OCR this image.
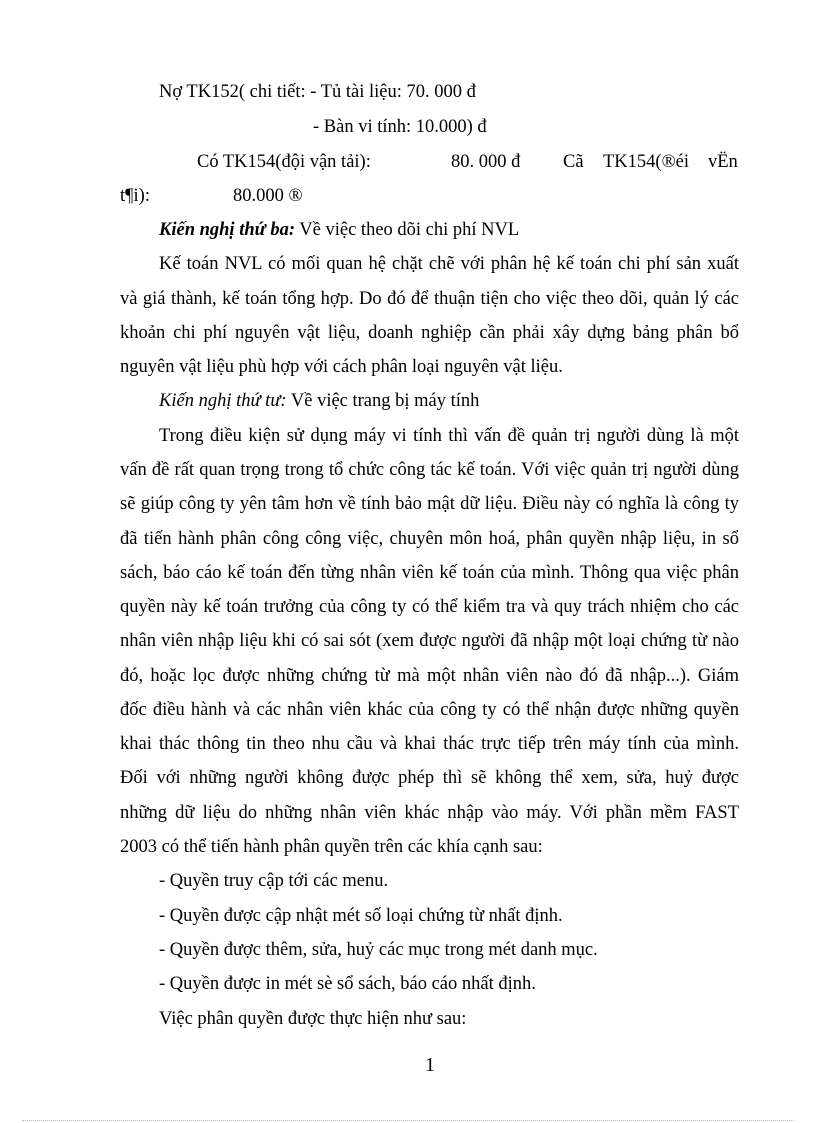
Nợ TK152( chi tiết: - Tủ tài liệu: 70. 000 đ
- Bàn vi tính: 10.000) đ
Có TK154(đội vận tải):	80. 000 đ Cã TK154(®éi vËn
t¶i):	80.000 ®
Kiến nghị thứ ba: Về việc theo dõi chi phí NVL
Kế toán NVL có mối quan hệ chặt chẽ với phân hệ kế toán chi phí sản xuất
và giá thành, kế toán tổng hợp. Do đó để thuận tiện cho việc theo dõi, quản lý các
khoản chi phí nguyên vật liệu, doanh nghiệp cần phải xây dựng bảng phân bổ
nguyên vật liệu phù hợp với cách phân loại nguyên vật liệu.
Kiến nghị thứ tư: Về việc trang bị máy tính
Trong điều kiện sử dụng máy vi tính thì vấn đề quản trị người dùng là một
vấn đề rất quan trọng trong tổ chức công tác kế toán. Với việc quản trị người dùng
sẽ giúp công ty yên tâm hơn về tính bảo mật dữ liệu. Điều này có nghĩa là công ty
đã tiến hành phân công công việc, chuyên môn hoá, phân quyền nhập liệu, in sổ
sách, báo cáo kế toán đến từng nhân viên kế toán của mình. Thông qua việc phân
quyền này kế toán trưởng của công ty có thể kiểm tra và quy trách nhiệm cho các
nhân viên nhập liệu khi có sai sót (xem được người đã nhập một loại chứng từ nào
đó, hoặc lọc được những chứng từ mà một nhân viên nào đó đã nhập...). Giám
đốc điều hành và các nhân viên khác của công ty có thể nhận được những quyền
khai thác thông tin theo nhu cầu và khai thác trực tiếp trên máy tính của mình.
Đối với những người không được phép thì sẽ không thể xem, sửa, huỷ được
những dữ liệu do những nhân viên khác nhập vào máy. Với phần mềm FAST
2003 có thể tiến hành phân quyền trên các khía cạnh sau:
- Quyền truy cập tới các menu.
- Quyền được cập nhật mét số loại chứng từ nhất định.
- Quyền được thêm, sửa, huỷ các mục trong mét danh mục.
- Quyền được in mét sè sổ sách, báo cáo nhất định.
Việc phân quyền được thực hiện như sau:
1
